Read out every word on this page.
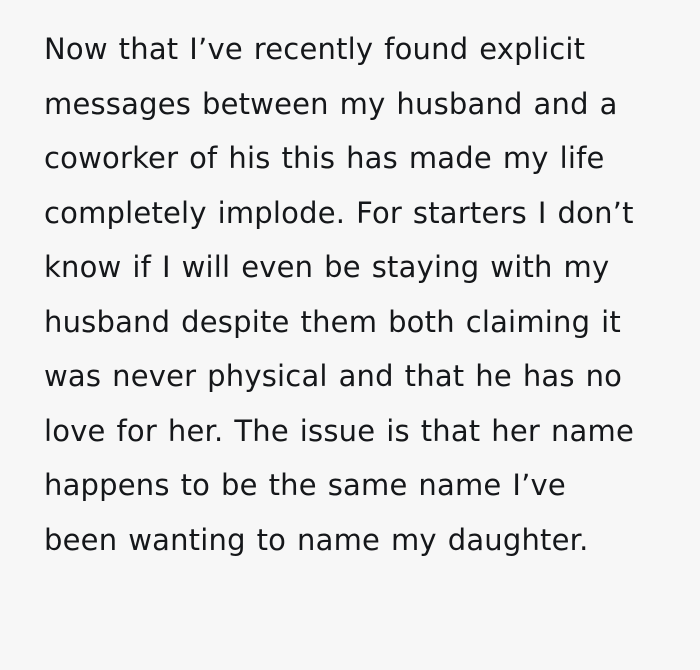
Now that I’ve recently found explicit messages between my husband and a coworker of his this has made my life completely implode. For starters I don’t know if I will even be staying with my husband despite them both claiming it was never physical and that he has no love for her. The issue is that her name happens to be the same name I’ve been wanting to name my daughter.
